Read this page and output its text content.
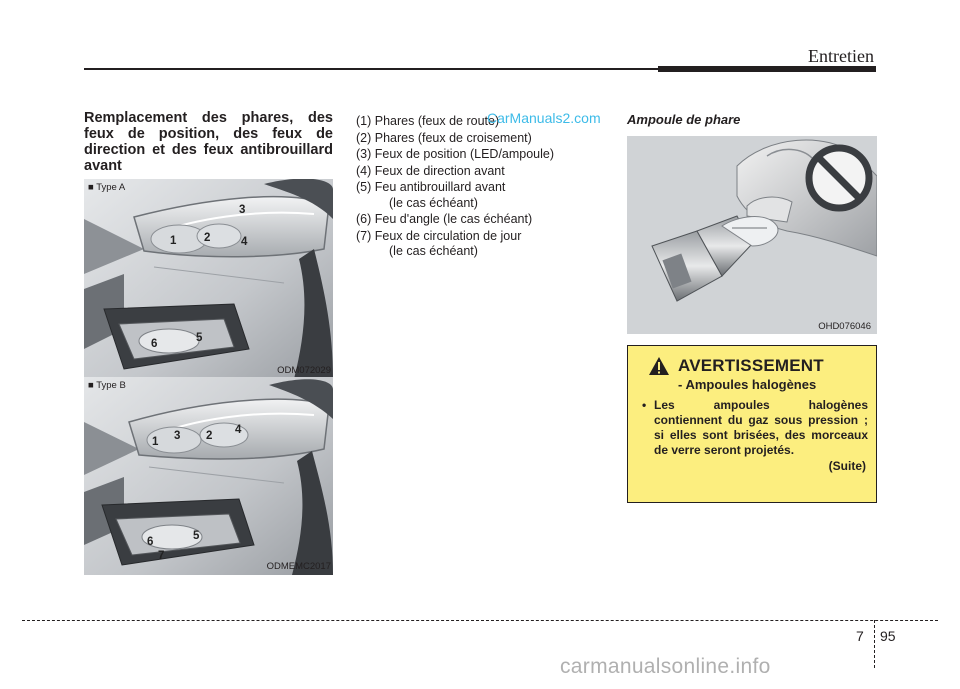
Entretien
Remplacement des phares, des feux de position, des feux de direction et des feux antibrouillard avant
3
1 2	4
6	5
■ Type A
ODM072029
4
1 3 2
5
6
7
■ Type B
ODMEMC2017
(1) Phares (feux de route)
(2) Phares (feux de croisement)
(3) Feux de position (LED/ampoule)
(4) Feux de direction avant
(5) Feu antibrouillard avant
(le cas échéant)
(6) Feu d'angle (le cas échéant)
(7) Feux de circulation de jour
(le cas échéant)
CarManuals2.com Ampoule de phare
OHD076046
AVERTISSEMENT
- Ampoules halogènes
• Les ampoules halogènes contiennent du gaz sous pression ; si elles sont brisées, des morceaux de verre seront projetés.
(Suite)
7 95
carmanualsonline.info
